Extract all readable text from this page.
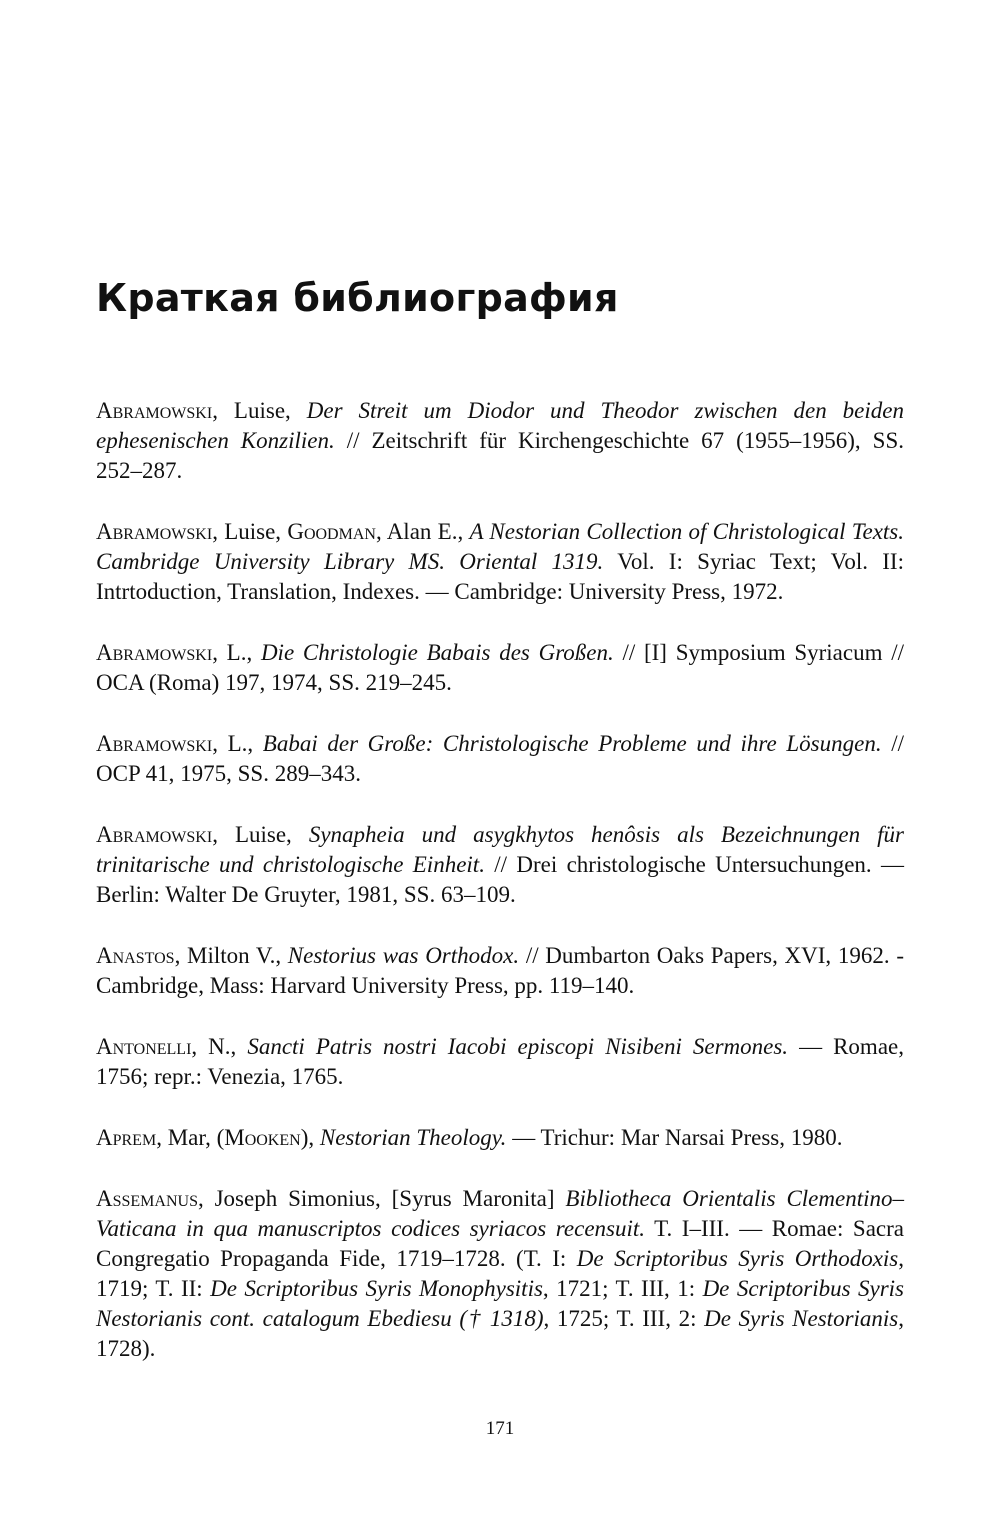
Краткая библиография

Abramowski, Luise, Der Streit um Diodor und Theodor zwischen den beiden ephesenischen Konzilien. // Zeitschrift für Kirchengeschichte 67 (1955–1956), SS. 252–287.

Abramowski, Luise, Goodman, Alan E., A Nestorian Collection of Christological Texts. Cambridge University Library MS. Oriental 1319. Vol. I: Syriac Text; Vol. II: Intrtoduction, Translation, Indexes. — Cambridge: University Press, 1972.

Abramowski, L., Die Christologie Babais des Großen. // [I] Symposium Syriacum // OCA (Roma) 197, 1974, SS. 219–245.

Abramowski, L., Babai der Große: Christologische Probleme und ihre Lösungen. // OCP 41, 1975, SS. 289–343.

Abramowski, Luise, Synapheia und asygkhytos henôsis als Bezeichnungen für trinitarische und christologische Einheit. // Drei christologische Untersuchungen. — Berlin: Walter De Gruyter, 1981, SS. 63–109.

Anastos, Milton V., Nestorius was Orthodox. // Dumbarton Oaks Papers, XVI, 1962. - Cambridge, Mass: Harvard University Press, pp. 119–140.

Antonelli, N., Sancti Patris nostri Iacobi episcopi Nisibeni Sermones. — Romae, 1756; repr.: Venezia, 1765.

Aprem, Mar, (Mooken), Nestorian Theology. — Trichur: Mar Narsai Press, 1980.

Assemanus, Joseph Simonius, [Syrus Maronita] Bibliotheca Orientalis Clementino–Vaticana in qua manuscriptos codices syriacos recensuit. T. I–III. — Romae: Sacra Congregatio Propaganda Fide, 1719–1728. (T. I: De Scriptoribus Syris Orthodoxis, 1719; T. II: De Scriptoribus Syris Monophysitis, 1721; T. III, 1: De Scriptoribus Syris Nestorianis cont. catalogum Ebediesu († 1318), 1725; T. III, 2: De Syris Nestorianis, 1728).

171
